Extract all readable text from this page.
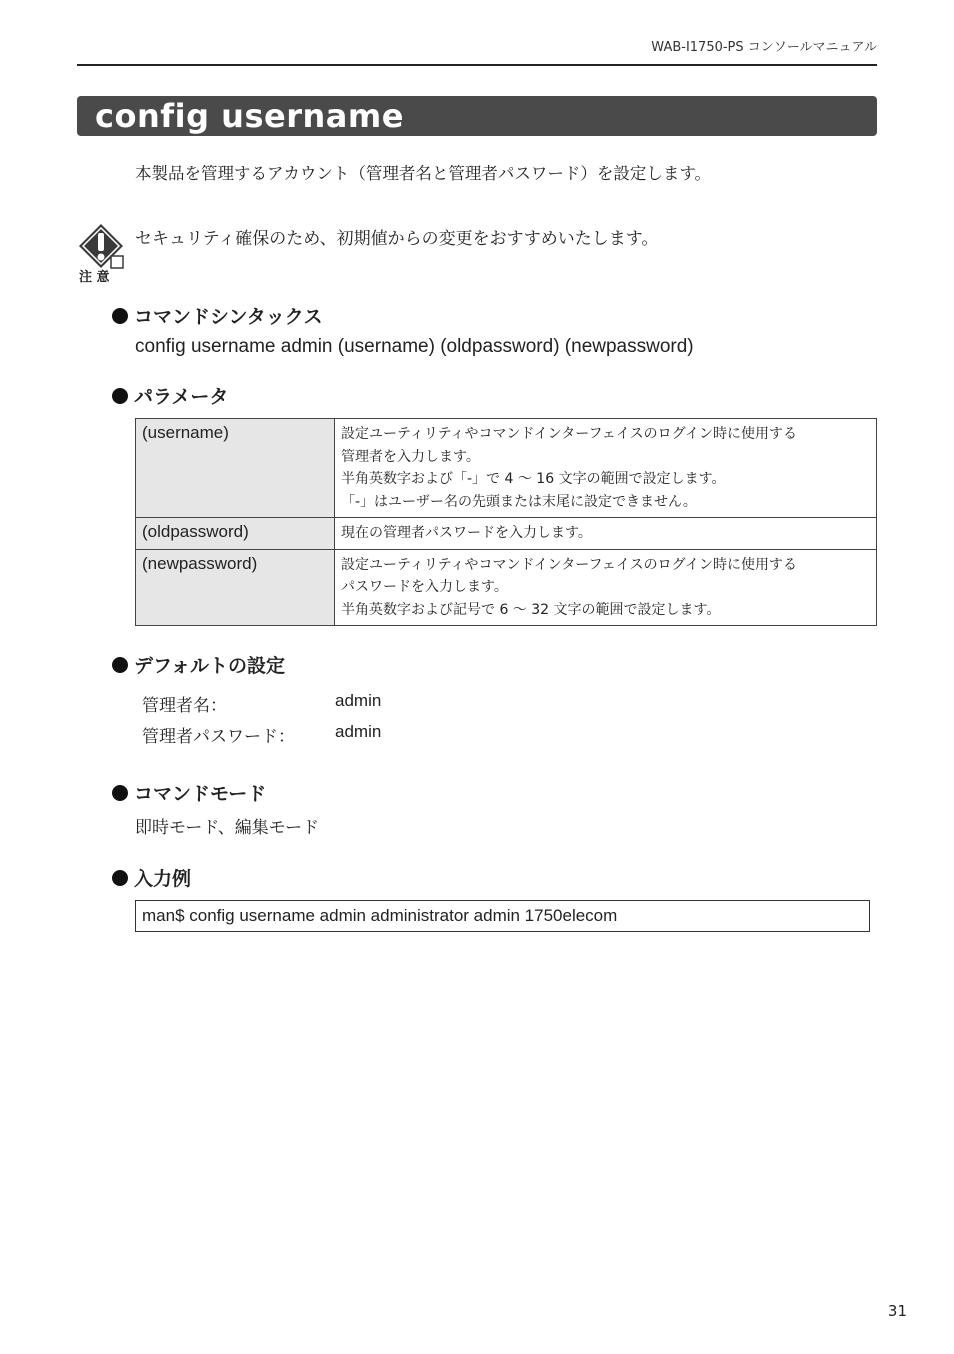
WAB-I1750-PS コンソールマニュアル
config username
本製品を管理するアカウント（管理者名と管理者パスワード）を設定します。
注 意
セキュリティ確保のため、初期値からの変更をおすすめいたします。
コマンドシンタックス
config username admin (username) (oldpassword) (newpassword)
パラメータ
(username)	設定ユーティリティやコマンドインターフェイスのログイン時に使用する
管理者を入力します。
半角英数字および「-」で 4 〜 16 文字の範囲で設定します。
「-」はユーザー名の先頭または末尾に設定できません。

(oldpassword)	現在の管理者パスワードを入力します。

(newpassword)	設定ユーティリティやコマンドインターフェイスのログイン時に使用する
パスワードを入力します。
半角英数字および記号で 6 〜 32 文字の範囲で設定します。
デフォルトの設定
管理者名：	admin
管理者パスワード： admin
コマンドモード
即時モード、編集モード
入力例
man$ config username admin administrator admin 1750elecom
31
